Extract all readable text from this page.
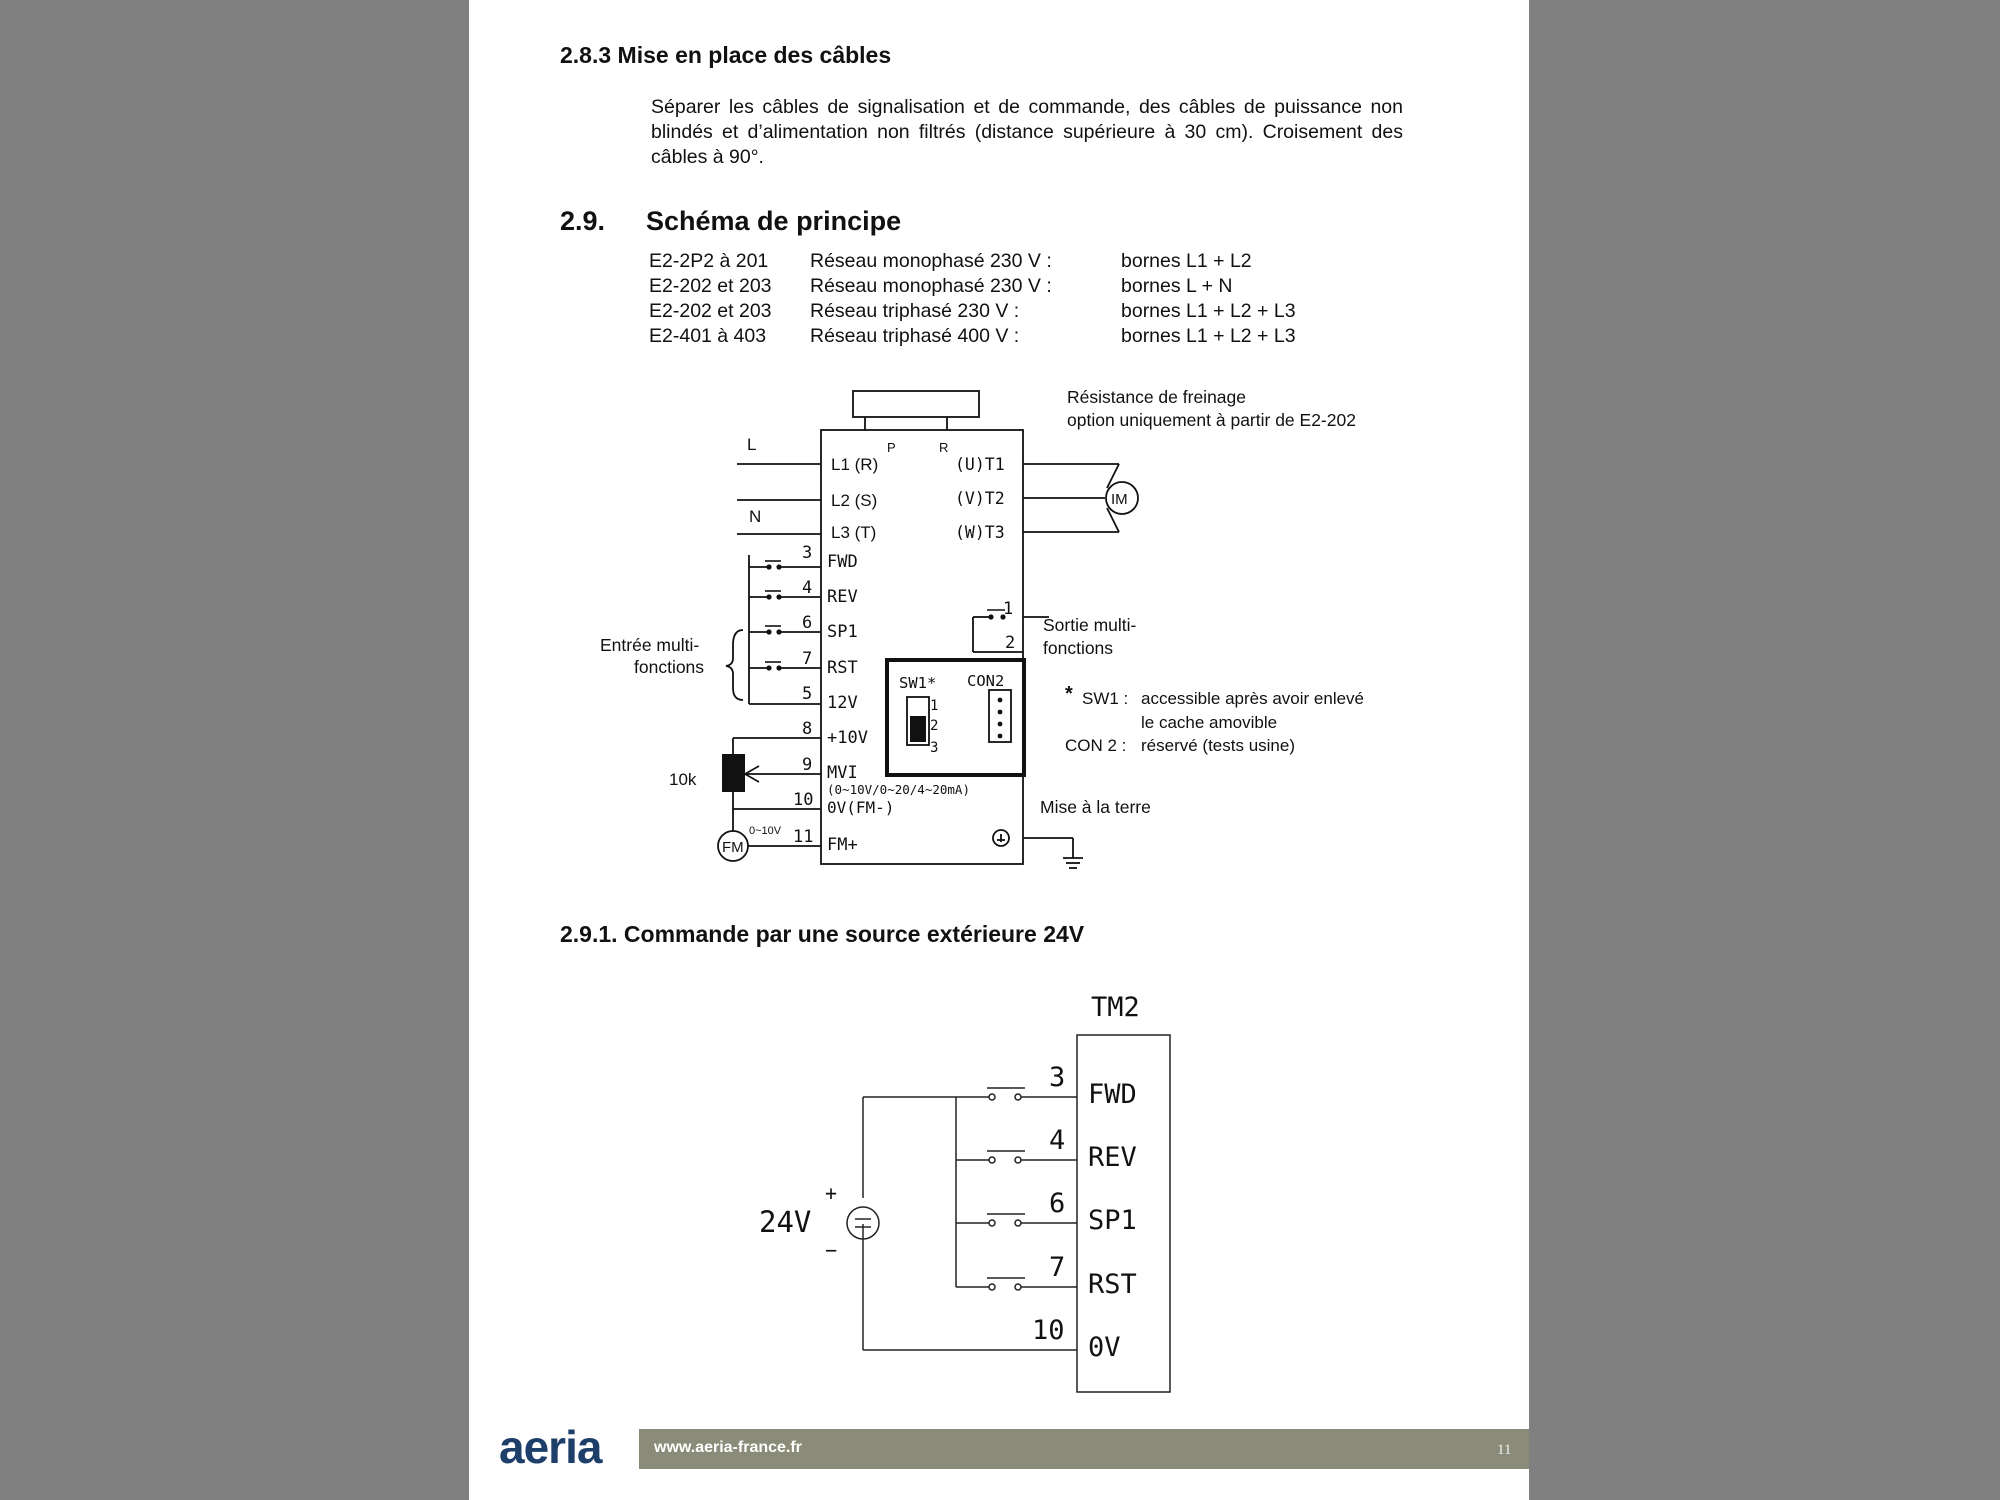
2.8.3 Mise en place des câbles
Séparer les câbles de signalisation et de commande, des câbles de puissance non blindés et d’alimentation non filtrés (distance supérieure à 30 cm). Croisement des câbles à 90°.
2.9. Schéma de principe
E2-2P2 à 201 Réseau monophasé 230 V :	bornes L1 + L2
E2-202 et 203 Réseau monophasé 230 V :	bornes L + N
E2-202 et 203 Réseau triphasé 230 V :	bornes L1 + L2 + L3
E2-401 à 403 Réseau triphasé 400 V :	bornes L1 + L2 + L3
Résistance de freinage
option uniquement à partir de E2-202
P	R
L
N
L1 (R)
L2 (S)
L3 (T)
(U)T1
(V)T2
(W)T3
IM
3
4
6
7
5
8
9
10
11
FWD
REV
SP1
RST
12V
+10V
MVI
(0~10V/0~20/4~20mA)
0V(FM-)
FM+
Entrée multi-
fonctions
Sortie multi-
fonctions
1
2
SW1*
1
2
3
CON2
* SW1 : accessible après avoir enlevé
le cache amovible
CON 2 : réservé (tests usine)
10k
FM
0~10V
Mise à la terre
2.9.1. Commande par une source extérieure 24V
TM2
3
4
6
7
10
FWD
REV
SP1
RST
0V
24V
+
−
aeria	www.aeria-france.fr	11
